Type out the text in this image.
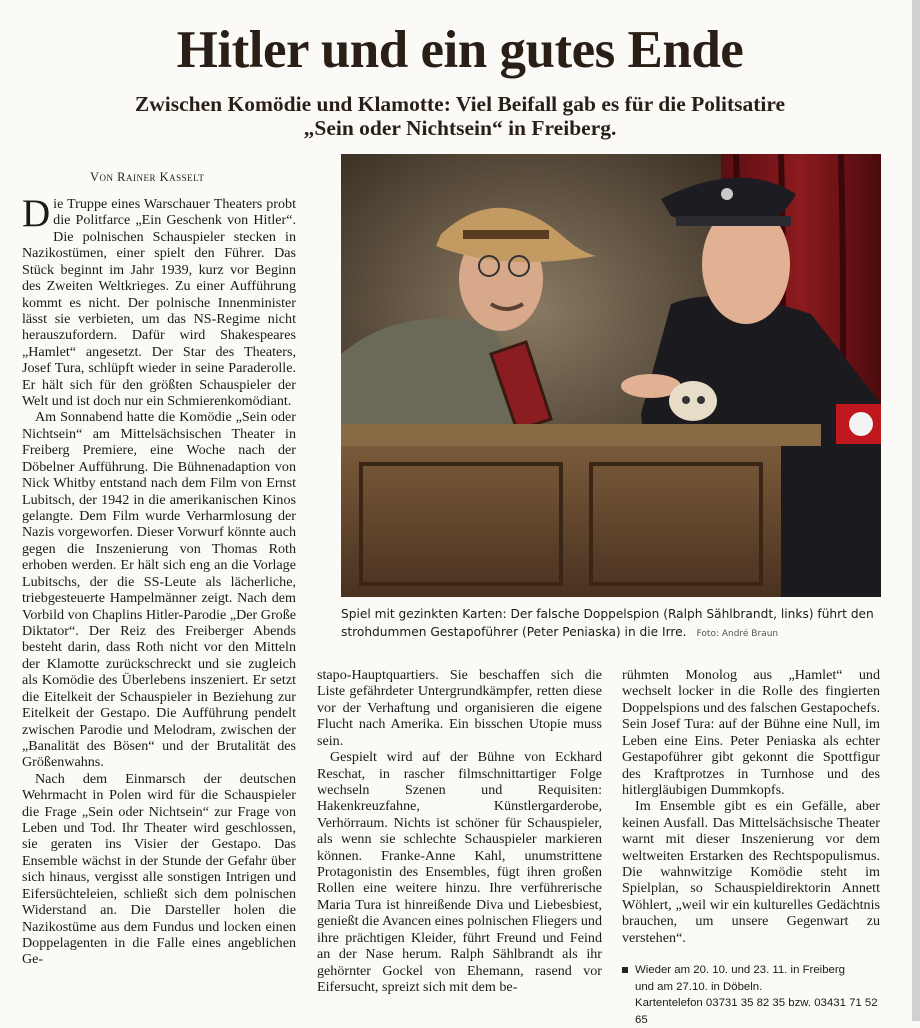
Hitler und ein gutes Ende
Zwischen Komödie und Klamotte: Viel Beifall gab es für die Politsatire
„Sein oder Nichtsein“ in Freiberg.
Von Rainer Kasselt

Die Truppe eines Warschauer Theaters probt die Politfarce „Ein Geschenk von Hitler“. Die polnischen Schauspieler stecken in Nazikostümen, einer spielt den Führer. Das Stück beginnt im Jahr 1939, kurz vor Beginn des Zweiten Weltkrieges. Zu einer Aufführung kommt es nicht. Der polnische Innenminister lässt sie verbieten, um das NS-Regime nicht herauszufordern. Dafür wird Shakespeares „Hamlet“ angesetzt. Der Star des Theaters, Josef Tura, schlüpft wieder in seine Paraderolle. Er hält sich für den größten Schauspieler der Welt und ist doch nur ein Schmierenkomödiant.

Am Sonnabend hatte die Komödie „Sein oder Nichtsein“ am Mittelsächsischen Theater in Freiberg Premiere, eine Woche nach der Döbelner Aufführung. Die Bühnenadaption von Nick Whitby entstand nach dem Film von Ernst Lubitsch, der 1942 in die amerikanischen Kinos gelangte. Dem Film wurde Verharmlosung der Nazis vorgeworfen. Dieser Vorwurf könnte auch gegen die Inszenierung von Thomas Roth erhoben werden. Er hält sich eng an die Vorlage Lubitschs, der die SS-Leute als lächerliche, triebgesteuerte Hampelmänner zeigt. Nach dem Vorbild von Chaplins Hitler-Parodie „Der Große Diktator“. Der Reiz des Freiberger Abends besteht darin, dass Roth nicht vor den Mitteln der Klamotte zurückschreckt und sie zugleich als Komödie des Überlebens inszeniert. Er setzt die Eitelkeit der Schauspieler in Beziehung zur Eitelkeit der Gestapo. Die Aufführung pendelt zwischen Parodie und Melodram, zwischen der „Banalität des Bösen“ und der Brutalität des Größenwahns.

Nach dem Einmarsch der deutschen Wehrmacht in Polen wird für die Schauspieler die Frage „Sein oder Nichtsein“ zur Frage von Leben und Tod. Ihr Theater wird geschlossen, sie geraten ins Visier der Gestapo. Das Ensemble wächst in der Stunde der Gefahr über sich hinaus, vergisst alle sonstigen Intrigen und Eifersüchteleien, schließt sich dem polnischen Widerstand an. Die Darsteller holen die Nazikostüme aus dem Fundus und locken einen Doppelagenten in die Falle eines angeblichen Ge-

Spiel mit gezinkten Karten: Der falsche Doppelspion (Ralph Sählbrandt, links) führt den strohdummen Gestapoführer (Peter Peniaska) in die Irre. Foto: André Braun

stapo-Hauptquartiers. Sie beschaffen sich die Liste gefährdeter Untergrundkämpfer, retten diese vor der Verhaftung und organisieren die eigene Flucht nach Amerika. Ein bisschen Utopie muss sein.

Gespielt wird auf der Bühne von Eckhard Reschat, in rascher filmschnittartiger Folge wechseln Szenen und Requisiten: Hakenkreuzfahne, Künstlergarderobe, Verhörraum. Nichts ist schöner für Schauspieler, als wenn sie schlechte Schauspieler markieren können. Franke-Anne Kahl, unumstrittene Protagonistin des Ensembles, fügt ihren großen Rollen eine weitere hinzu. Ihre verführerische Maria Tura ist hinreißende Diva und Liebesbiest, genießt die Avancen eines polnischen Fliegers und ihre prächtigen Kleider, führt Freund und Feind an der Nase herum. Ralph Sählbrandt als ihr gehörnter Gockel von Ehemann, rasend vor Eifersucht, spreizt sich mit dem be-

rühmten Monolog aus „Hamlet“ und wechselt locker in die Rolle des fingierten Doppelspions und des falschen Gestapochefs. Sein Josef Tura: auf der Bühne eine Null, im Leben eine Eins. Peter Peniaska als echter Gestapoführer gibt gekonnt die Spottfigur des Kraftprotzes in Turnhose und des hitlergläubigen Dummkopfs.

Im Ensemble gibt es ein Gefälle, aber keinen Ausfall. Das Mittelsächsische Theater warnt mit dieser Inszenierung vor dem weltweiten Erstarken des Rechtspopulismus. Die wahnwitzige Komödie steht im Spielplan, so Schauspieldirektorin Annett Wöhlert, „weil wir ein kulturelles Gedächtnis brauchen, um unsere Gegenwart zu verstehen“.

Wieder am 20. 10. und 23. 11. in Freiberg
und am 27.10. in Döbeln.
Kartentelefon 03731 35 82 35 bzw. 03431 71 52 65
